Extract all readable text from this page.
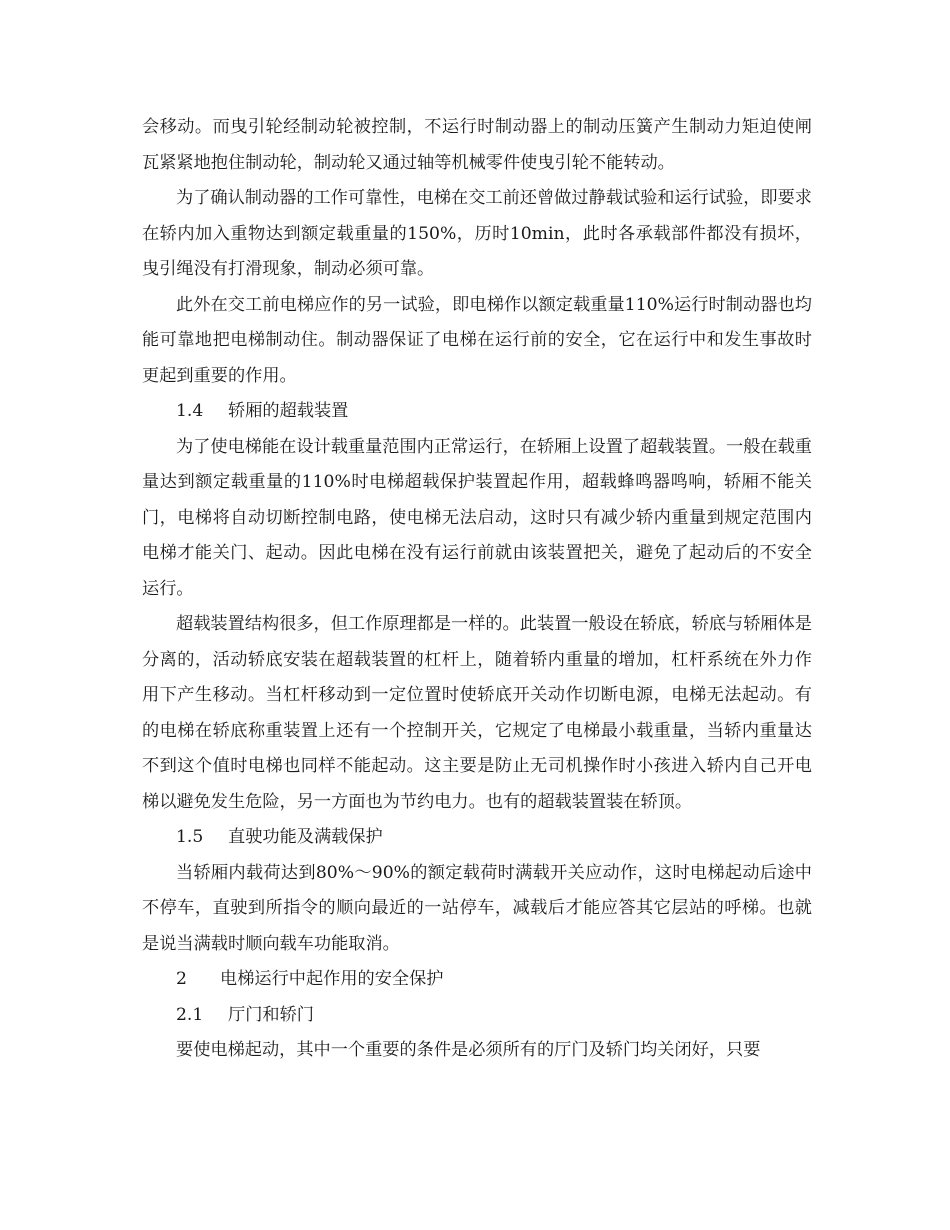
会移动。而曳引轮经制动轮被控制，不运行时制动器上的制动压簧产生制动力矩迫使闸瓦紧紧地抱住制动轮，制动轮又通过轴等机械零件使曳引轮不能转动。

为了确认制动器的工作可靠性，电梯在交工前还曾做过静载试验和运行试验，即要求在轿内加入重物达到额定载重量的150%，历时10min，此时各承载部件都没有损坏，曳引绳没有打滑现象，制动必须可靠。

此外在交工前电梯应作的另一试验，即电梯作以额定载重量110%运行时制动器也均能可靠地把电梯制动住。制动器保证了电梯在运行前的安全，它在运行中和发生事故时更起到重要的作用。

1.4 轿厢的超载装置

为了使电梯能在设计载重量范围内正常运行，在轿厢上设置了超载装置。一般在载重量达到额定载重量的110%时电梯超载保护装置起作用，超载蜂鸣器鸣响，轿厢不能关门，电梯将自动切断控制电路，使电梯无法启动，这时只有减少轿内重量到规定范围内电梯才能关门、起动。因此电梯在没有运行前就由该装置把关，避免了起动后的不安全运行。

超载装置结构很多，但工作原理都是一样的。此装置一般设在轿底，轿底与轿厢体是分离的，活动轿底安装在超载装置的杠杆上，随着轿内重量的增加，杠杆系统在外力作用下产生移动。当杠杆移动到一定位置时使轿底开关动作切断电源，电梯无法起动。有的电梯在轿底称重装置上还有一个控制开关，它规定了电梯最小载重量，当轿内重量达不到这个值时电梯也同样不能起动。这主要是防止无司机操作时小孩进入轿内自己开电梯以避免发生危险，另一方面也为节约电力。也有的超载装置装在轿顶。

1.5 直驶功能及满载保护

当轿厢内载荷达到80%～90%的额定载荷时满载开关应动作，这时电梯起动后途中不停车，直驶到所指令的顺向最近的一站停车，减载后才能应答其它层站的呼梯。也就是说当满载时顺向载车功能取消。

2 电梯运行中起作用的安全保护

2.1 厅门和轿门

要使电梯起动，其中一个重要的条件是必须所有的厅门及轿门均关闭好，只要
